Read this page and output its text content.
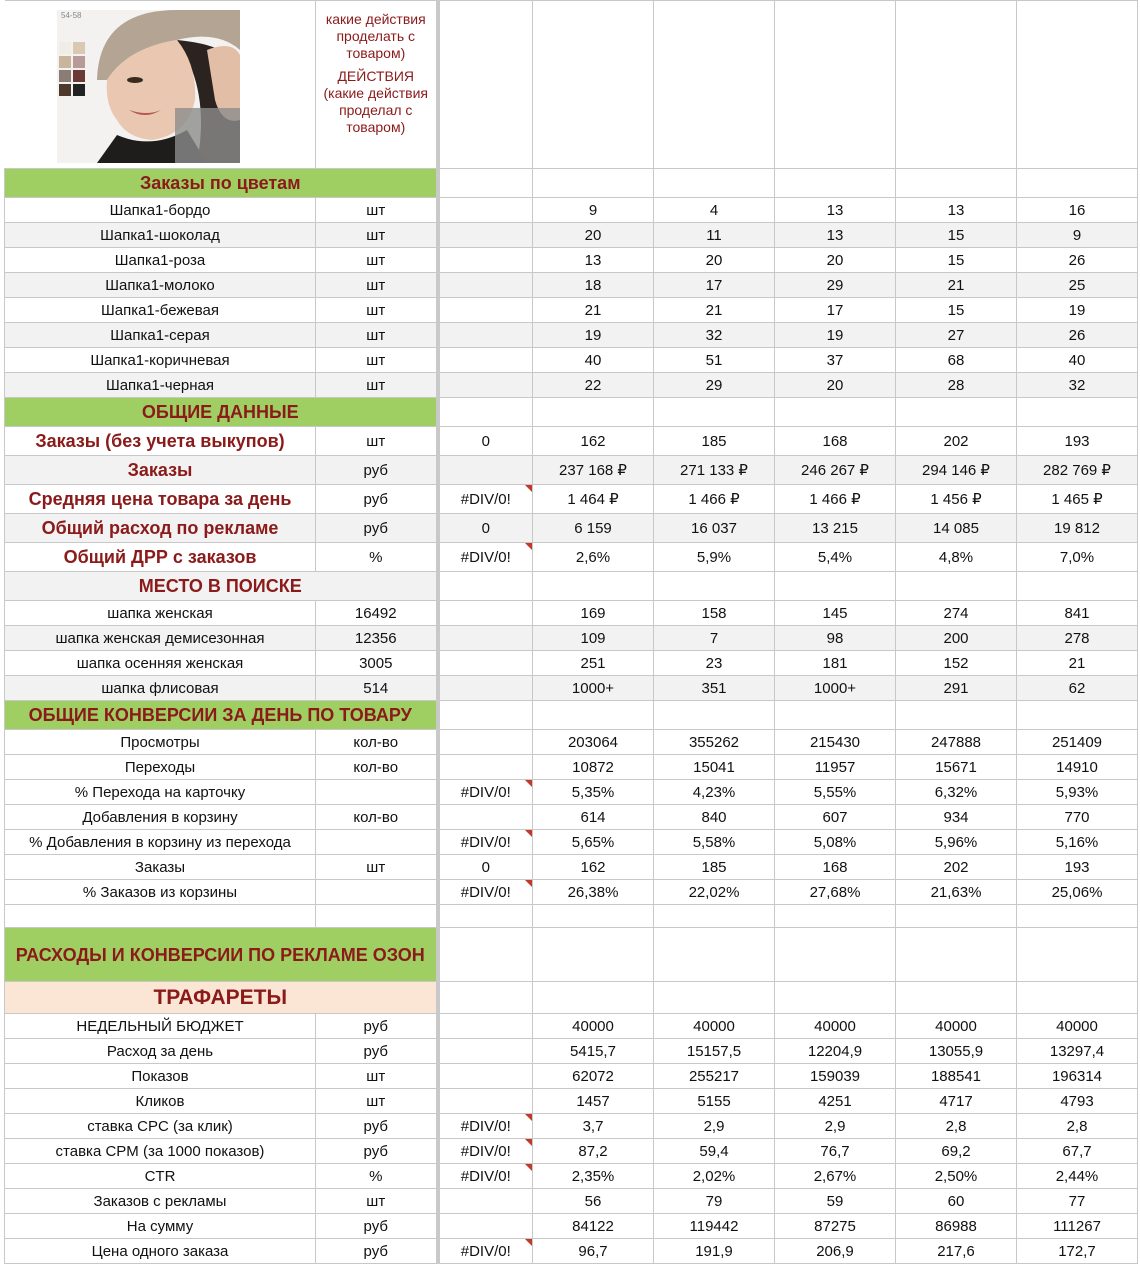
	какие действия проделать с товаром)
ДЕЙСТВИЯ (какие действия проделал с товаром)						

Заказы по цветам							
Шапка1-бордо	шт		9	4	13	13	16
Шапка1-шоколад	шт		20	11	13	15	9
Шапка1-роза	шт		13	20	20	15	26
Шапка1-молоко	шт		18	17	29	21	25
Шапка1-бежевая	шт		21	21	17	15	19
Шапка1-серая	шт		19	32	19	27	26
Шапка1-коричневая	шт		40	51	37	68	40
Шапка1-черная	шт		22	29	20	28	32
ОБЩИЕ ДАННЫЕ							
Заказы (без учета выкупов)	шт	0	162	185	168	202	193
Заказы	руб		237 168 ₽	271 133 ₽	246 267 ₽	294 146 ₽	282 769 ₽
Средняя цена товара за день	руб	#DIV/0!	1 464 ₽	1 466 ₽	1 466 ₽	1 456 ₽	1 465 ₽
Общий расход по рекламе	руб	0	6 159	16 037	13 215	14 085	19 812
Общий ДРР с заказов	%	#DIV/0!	2,6%	5,9%	5,4%	4,8%	7,0%
МЕСТО В ПОИСКЕ							
шапка женская	16492		169	158	145	274	841
шапка женская демисезонная	12356		109	7	98	200	278
шапка осенняя женская	3005		251	23	181	152	21
шапка флисовая	514		1000+	351	1000+	291	62
ОБЩИЕ КОНВЕРСИИ ЗА ДЕНЬ ПО ТОВАРУ							
Просмотры	кол-во		203064	355262	215430	247888	251409
Переходы	кол-во		10872	15041	11957	15671	14910
% Перехода на карточку		#DIV/0!	5,35%	4,23%	5,55%	6,32%	5,93%
Добавления в корзину	кол-во		614	840	607	934	770
% Добавления в корзину из перехода		#DIV/0!	5,65%	5,58%	5,08%	5,96%	5,16%
Заказы	шт	0	162	185	168	202	193
% Заказов из корзины		#DIV/0!	26,38%	22,02%	27,68%	21,63%	25,06%

РАСХОДЫ И КОНВЕРСИИ ПО РЕКЛАМЕ ОЗОН							
ТРАФАРЕТЫ							
НЕДЕЛЬНЫЙ БЮДЖЕТ	руб		40000	40000	40000	40000	40000
Расход за день	руб		5415,7	15157,5	12204,9	13055,9	13297,4
Показов	шт		62072	255217	159039	188541	196314
Кликов	шт		1457	5155	4251	4717	4793
ставка CPC (за клик)	руб	#DIV/0!	3,7	2,9	2,9	2,8	2,8
ставка CPM (за 1000 показов)	руб	#DIV/0!	87,2	59,4	76,7	69,2	67,7
CTR	%	#DIV/0!	2,35%	2,02%	2,67%	2,50%	2,44%
Заказов с рекламы	шт		56	79	59	60	77
На сумму	руб		84122	119442	87275	86988	111267
Цена одного заказа	руб	#DIV/0!	96,7	191,9	206,9	217,6	172,7
54-58
